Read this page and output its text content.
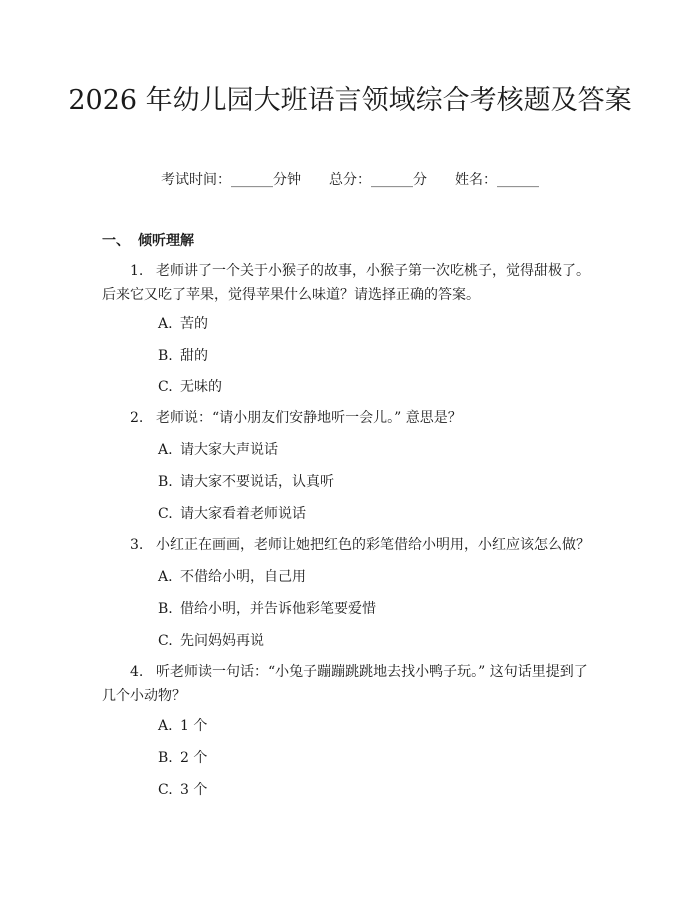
2026 年幼儿园大班语言领域综合考核题及答案
考试时间：______分钟 总分：______分 姓名：______
一、 倾听理解

1. 老师讲了一个关于小猴子的故事，小猴子第一次吃桃子，觉得甜极了。后来它又吃了苹果，觉得苹果什么味道？请选择正确的答案。

A. 苦的
B. 甜的
C. 无味的

2. 老师说：“请小朋友们安静地听一会儿。” 意思是？

A. 请大家大声说话
B. 请大家不要说话，认真听
C. 请大家看着老师说话

3. 小红正在画画，老师让她把红色的彩笔借给小明用，小红应该怎么做？

A. 不借给小明，自己用
B. 借给小明，并告诉他彩笔要爱惜
C. 先问妈妈再说

4. 听老师读一句话：“小兔子蹦蹦跳跳地去找小鸭子玩。” 这句话里提到了几个小动物？

A. 1 个
B. 2 个
C. 3 个
